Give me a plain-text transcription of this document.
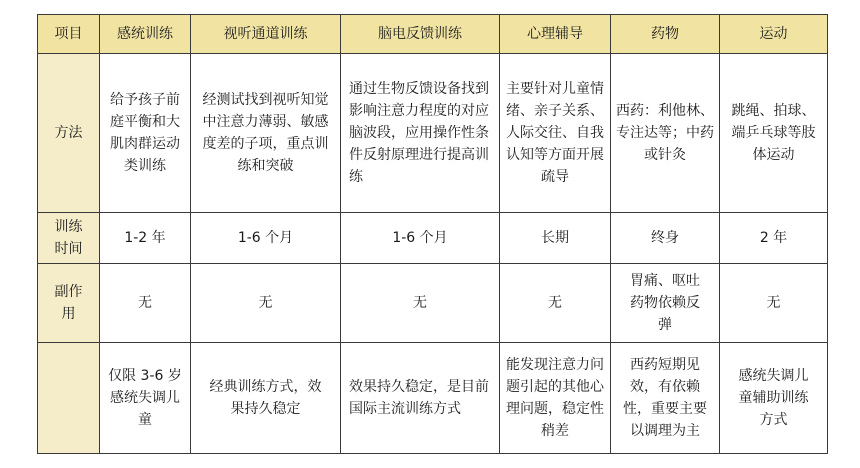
项目	感统训练	视听通道训练	脑电反馈训练	心理辅导	药物	运动
方法	给予孩子前庭平衡和大肌肉群运动类训练	经测试找到视听知觉中注意力薄弱、敏感度差的子项，重点训练和突破	通过生物反馈设备找到影响注意力程度的对应脑波段，应用操作性条件反射原理进行提高训练	主要针对儿童情绪、亲子关系、人际交往、自我认知等方面开展疏导	西药：利他林、专注达等；中药或针灸	跳绳、拍球、端乒乓球等肢体运动
训练时间	1-2 年	1-6 个月	1-6 个月	长期	终身	2 年
副作用	无	无	无	无	胃痛、呕吐药物依赖反弹	无
	仅限 3-6 岁感统失调儿童	经典训练方式，效果持久稳定	效果持久稳定，是目前国际主流训练方式	能发现注意力问题引起的其他心理问题，稳定性稍差	西药短期见效，有依赖性，重要主要以调理为主	感统失调儿童辅助训练方式
